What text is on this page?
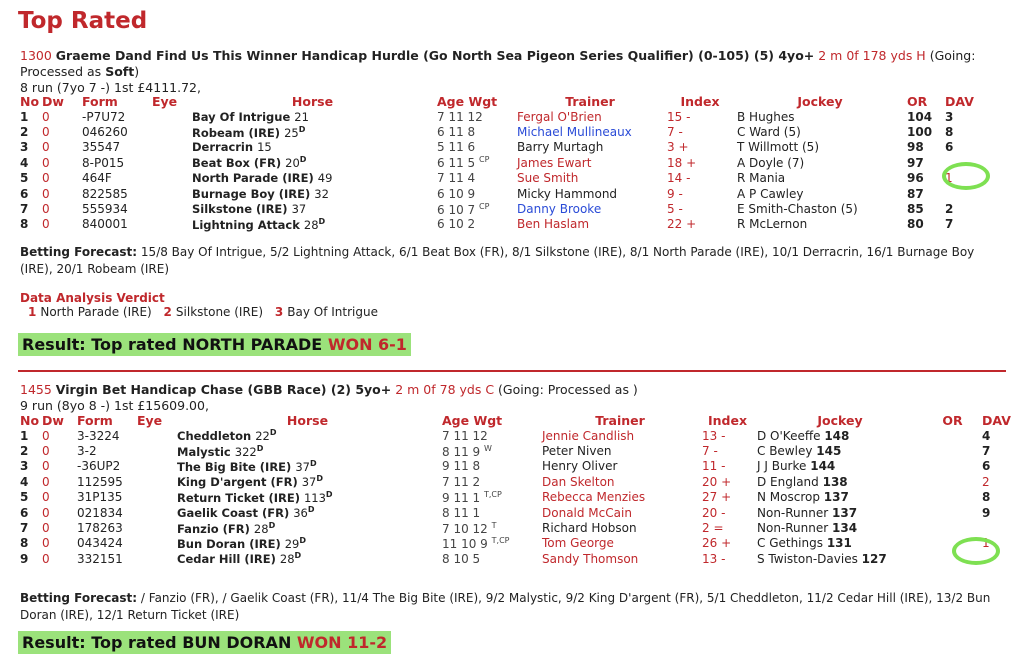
Top Rated
1300 Graeme Dand Find Us This Winner Handicap Hurdle (Go North Sea Pigeon Series Qualifier) (0-105) (5) 4yo+ 2 m 0f 178 yds H (Going:
Processed as Soft)
8 run (7yo 7 -) 1st £4111.72,
No	Dw	Form	Eye	Horse	Age Wgt	Trainer	Index	Jockey	OR	DAV
1	0	-P7U72		Bay Of Intrigue 21	7 11 12	Fergal O'Brien	15 -	B Hughes	104	3
2	0	046260		Robeam (IRE) $25^D$	6 11 8	Michael Mullineaux	7 -	C Ward (5)	100	8
3	0	35547		Derracrin 15	5 11 6	Barry Murtagh	3 +	T Willmott (5)	98	6
4	0	8-P015		Beat Box (FR) $20^D$	6 11 5 $^{CP}$	James Ewart	18 +	A Doyle (7)	97	
5	0	464F		North Parade (IRE) 49	7 11 4	Sue Smith	14 -	R Mania	96	1
6	0	822585		Burnage Boy (IRE) 32	6 10 9	Micky Hammond	9 -	A P Cawley	87	
7	0	555934		Silkstone (IRE) 37	6 10 7 $^{CP}$	Danny Brooke	5 -	E Smith-Chaston (5)	85	2
8	0	840001		Lightning Attack $28^D$	6 10 2	Ben Haslam	22 +	R McLernon	80	7
Betting Forecast: 15/8 Bay Of Intrigue, 5/2 Lightning Attack, 6/1 Beat Box (FR), 8/1 Silkstone (IRE), 8/1 North Parade (IRE), 10/1 Derracrin, 16/1 Burnage Boy (IRE), 20/1 Robeam (IRE)
Data Analysis Verdict
1 North Parade (IRE) 2 Silkstone (IRE) 3 Bay Of Intrigue
Result: Top rated NORTH PARADE WON 6-1
1455 Virgin Bet Handicap Chase (GBB Race) (2) 5yo+ 2 m 0f 78 yds C (Going: Processed as )
9 run (8yo 8 -) 1st £15609.00,
No	Dw	Form	Eye	Horse	Age Wgt	Trainer	Index	Jockey	OR	DAV
1	0	3-3224		Cheddleton $22^D$	7 11 12	Jennie Candlish	13 -	D O'Keeffe 148		4
2	0	3-2		Malystic $322^D$	8 11 9 $^W$	Peter Niven	7 -	C Bewley 145		7
3	0	-36UP2		The Big Bite (IRE) $37^D$	9 11 8	Henry Oliver	11 -	J J Burke 144		6
4	0	112595		King D'argent (FR) $37^D$	7 11 2	Dan Skelton	20 +	D England 138		2
5	0	31P135		Return Ticket (IRE) $113^D$	9 11 1 $^{T,CP}$	Rebecca Menzies	27 +	N Moscrop 137		8
6	0	021834		Gaelik Coast (FR) $36^D$	8 11 1	Donald McCain	20 -	Non-Runner 137		9
7	0	178263		Fanzio (FR) $28^D$	7 10 12 $^T$	Richard Hobson	2 =	Non-Runner 134		
8	0	043424		Bun Doran (IRE) $29^D$	11 10 9 $^{T,CP}$	Tom George	26 +	C Gethings 131		1
9	0	332151		Cedar Hill (IRE) $28^D$	8 10 5	Sandy Thomson	13 -	S Twiston-Davies 127		
Betting Forecast: / Fanzio (FR), / Gaelik Coast (FR), 11/4 The Big Bite (IRE), 9/2 Malystic, 9/2 King D'argent (FR), 5/1 Cheddleton, 11/2 Cedar Hill (IRE), 13/2 Bun Doran (IRE), 12/1 Return Ticket (IRE)
Result: Top rated BUN DORAN WON 11-2
